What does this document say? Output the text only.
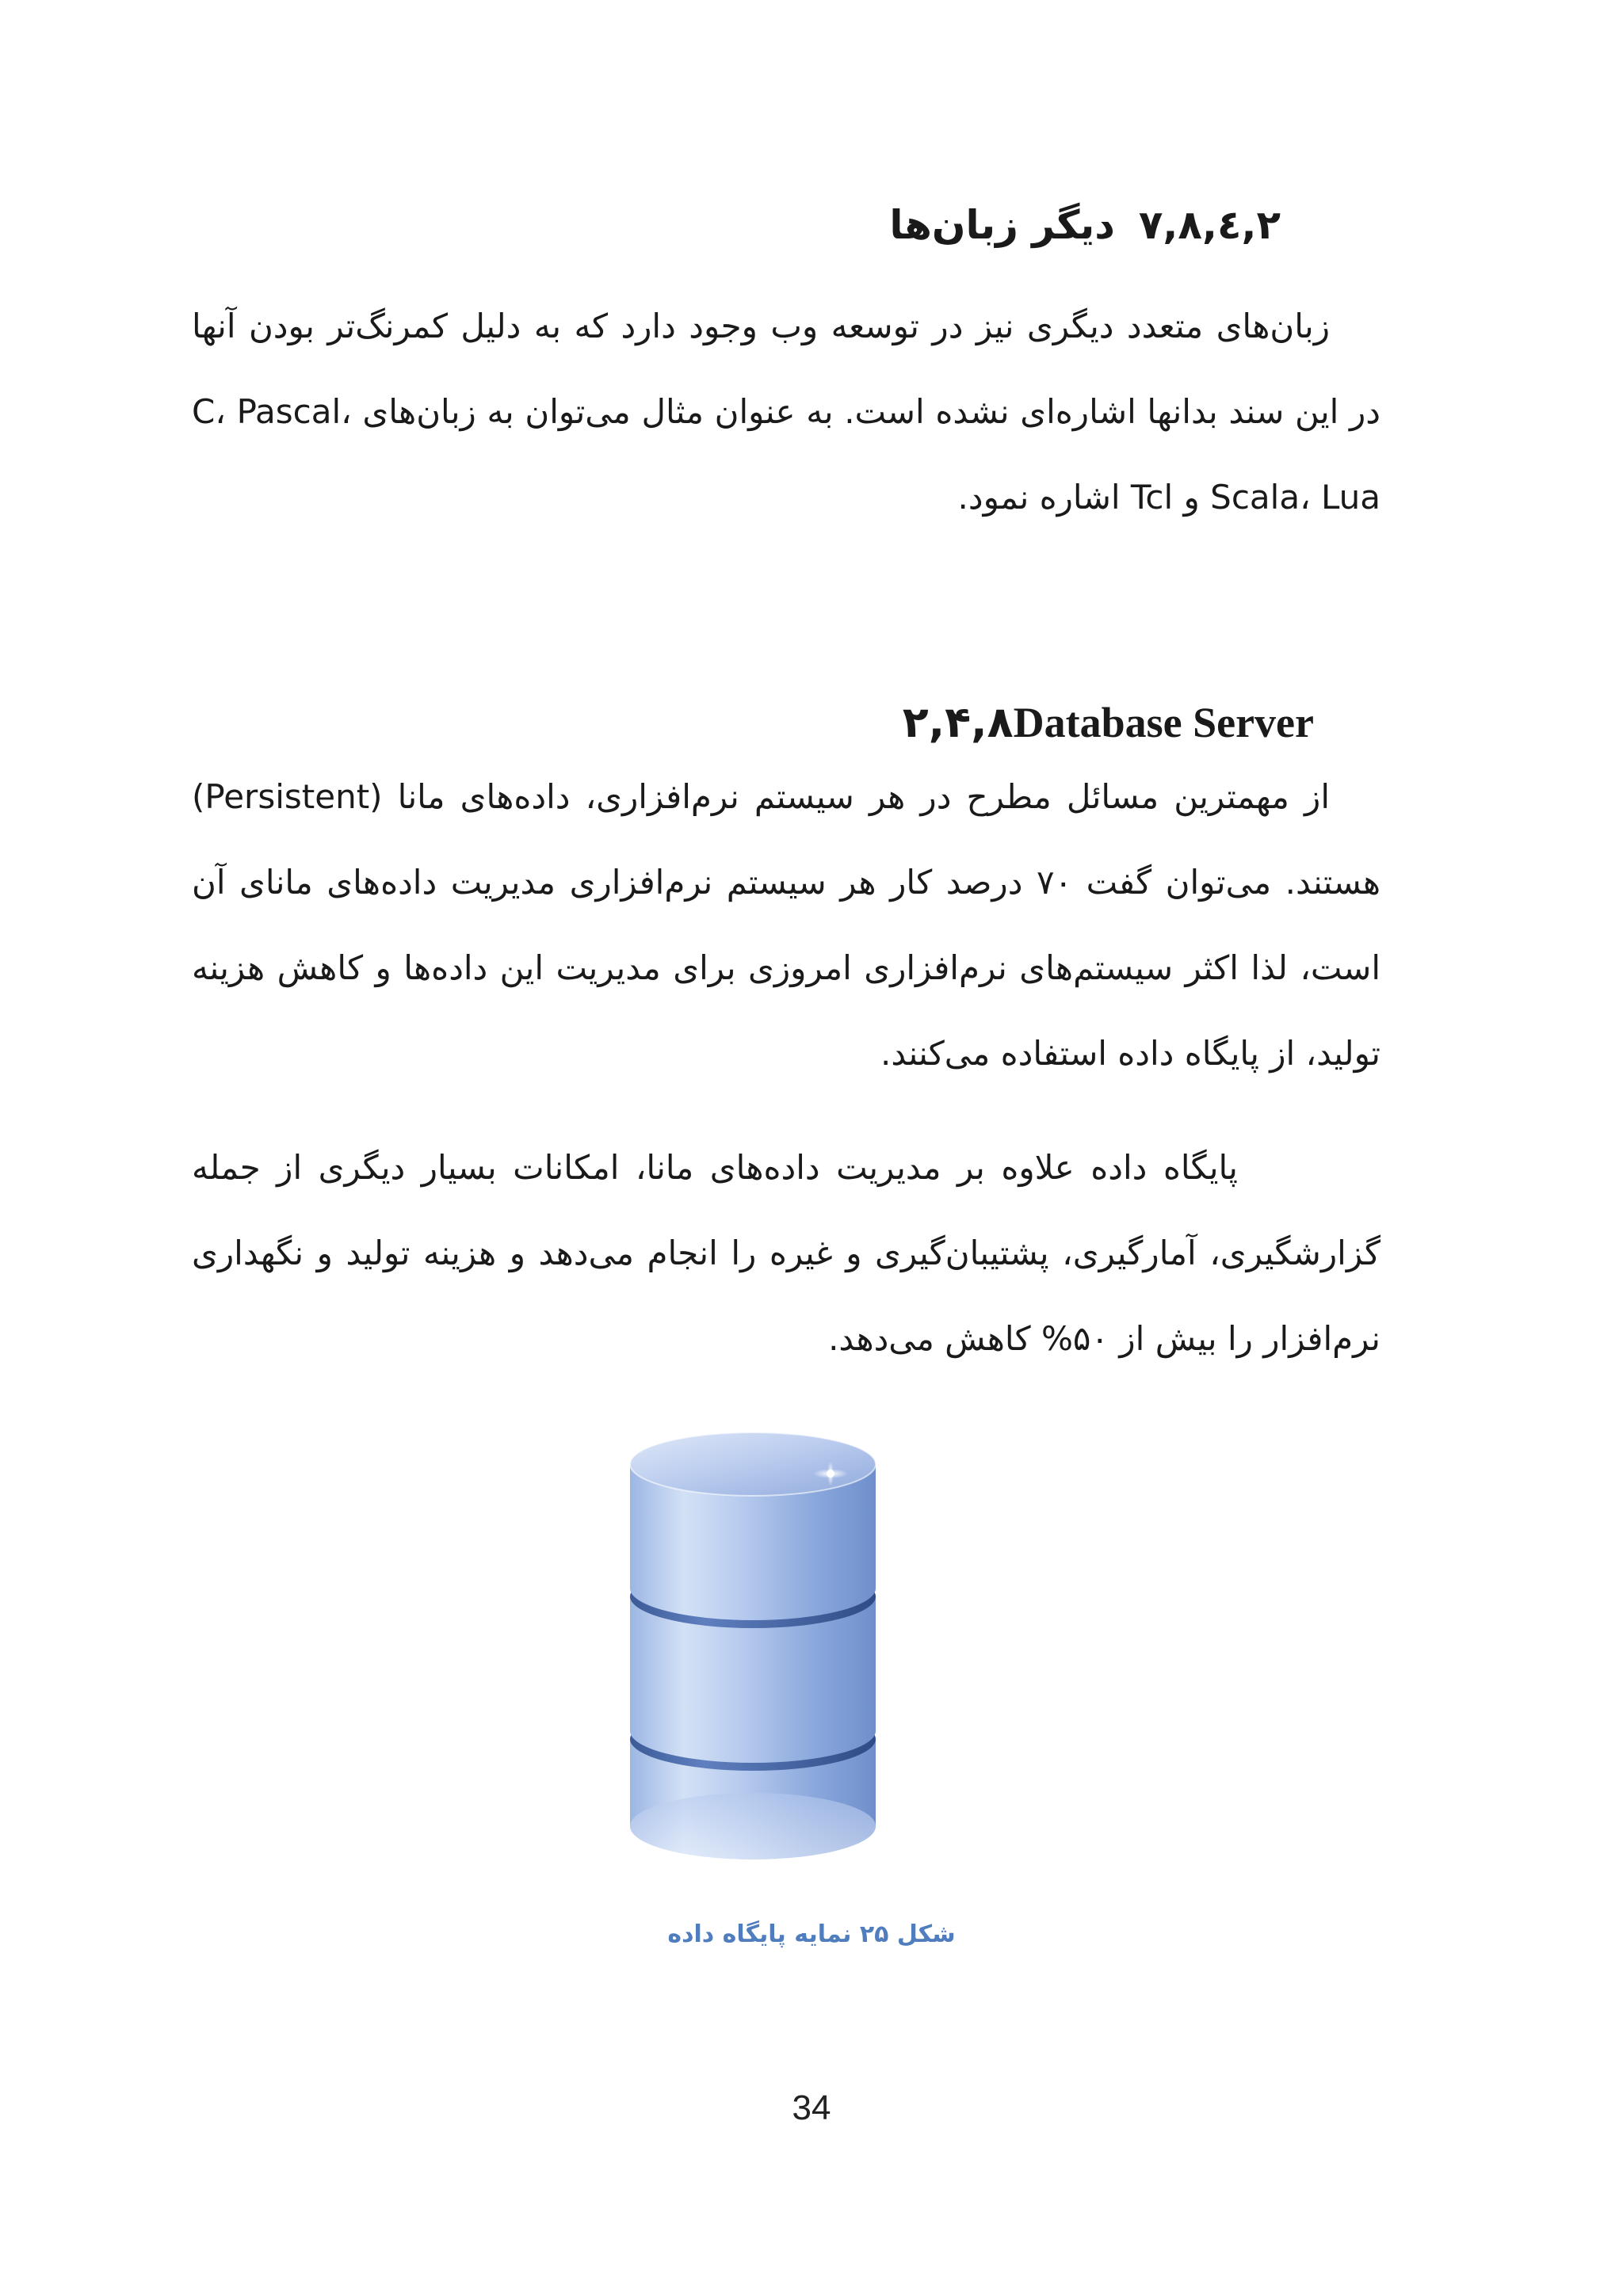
۲,٤,۷,۸دیگر زبان‌ها
زبان‌های متعدد دیگری نیز در توسعه وب وجود دارد که به دلیل کمرنگ‌تر بودن آنها در این سند بدانها اشاره‌ای نشده است. به عنوان مثال می‌توان به زبان‌های C، Pascal، Scala، Lua و Tcl اشاره نمود.
۲,۴,۸Database Server
از مهمترین مسائل مطرح در هر سیستم نرم‌افزاری، داده‌های مانا (Persistent) هستند. می‌توان گفت ۷۰ درصد کار هر سیستم نرم‌افزاری مدیریت داده‌های مانای آن است، لذا اکثر سیستم‌های نرم‌افزاری امروزی برای مدیریت این داده‌ها و کاهش هزینه تولید، از پایگاه داده استفاده می‌کنند.
پایگاه داده علاوه بر مدیریت داده‌های مانا، امکانات بسیار دیگری از جمله گزارشگیری، آمارگیری، پشتیبان‌گیری و غیره را انجام می‌دهد و هزینه تولید و نگهداری نرم‌افزار را بیش از ۵۰% کاهش می‌دهد.
شکل ۲۵ نمایه پایگاه داده
34
